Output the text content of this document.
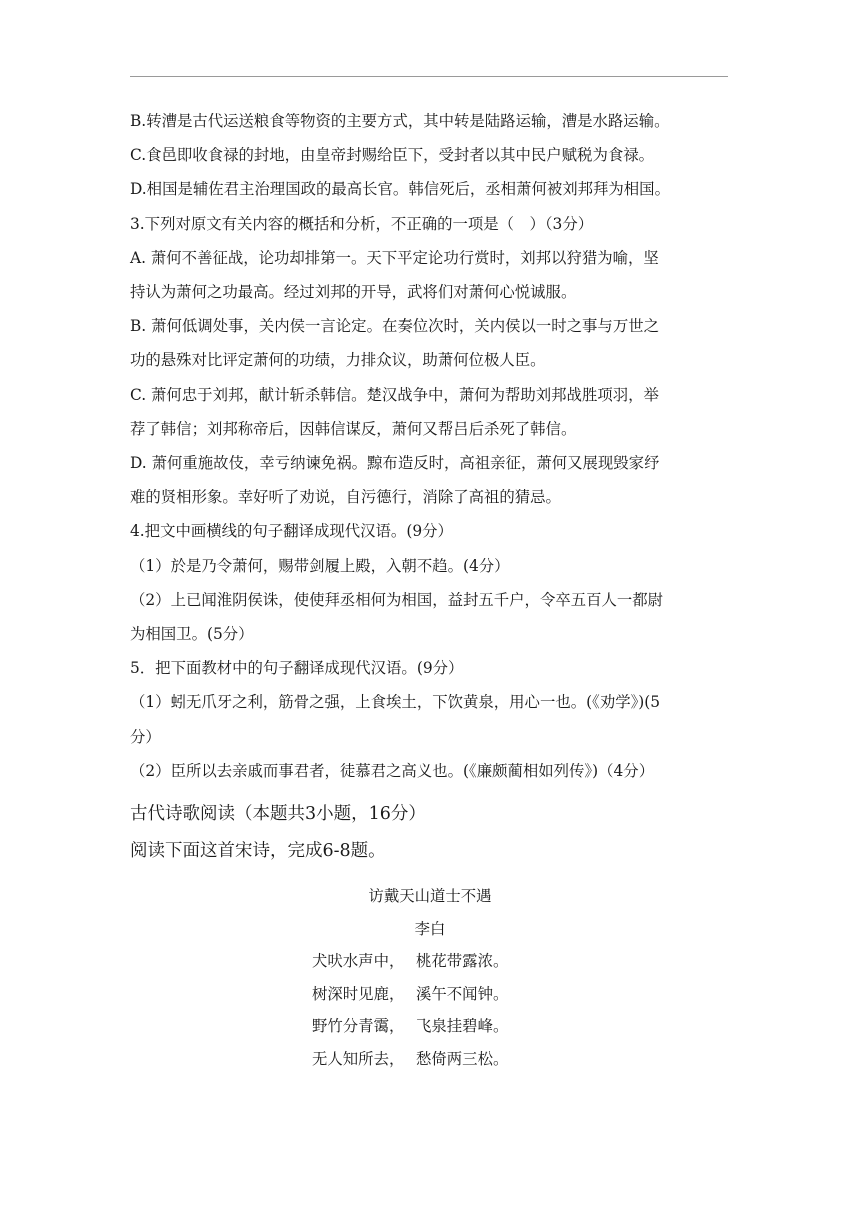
B.转漕是古代运送粮食等物资的主要方式，其中转是陆路运输，漕是水路运输。

C.食邑即收食禄的封地，由皇帝封赐给臣下，受封者以其中民户赋税为食禄。

D.相国是辅佐君主治理国政的最高长官。韩信死后，丞相萧何被刘邦拜为相国。

3.下列对原文有关内容的概括和分析，不正确的一项是（　）（3分）

A. 萧何不善征战，论功却排第一。天下平定论功行赏时，刘邦以狩猎为喻，坚

持认为萧何之功最高。经过刘邦的开导，武将们对萧何心悦诚服。

B. 萧何低调处事，关内侯一言论定。在奏位次时，关内侯以一时之事与万世之

功的悬殊对比评定萧何的功绩，力排众议，助萧何位极人臣。

C. 萧何忠于刘邦，献计斩杀韩信。楚汉战争中，萧何为帮助刘邦战胜项羽，举

荐了韩信；刘邦称帝后，因韩信谋反，萧何又帮吕后杀死了韩信。

D. 萧何重施故伎，幸亏纳谏免祸。黥布造反时，高祖亲征，萧何又展现毁家纾

难的贤相形象。幸好听了劝说，自污德行，消除了高祖的猜忌。

4.把文中画横线的句子翻译成现代汉语。(9分）

（1）於是乃令萧何，赐带剑履上殿，入朝不趋。(4分）

（2）上已闻淮阴侯诛，使使拜丞相何为相国，益封五千户，令卒五百人一都尉

为相国卫。(5分）

5．把下面教材中的句子翻译成现代汉语。(9分）

（1）蚓无爪牙之利，筋骨之强，上食埃土，下饮黄泉，用心一也。(《劝学》)(5

分）

（2）臣所以去亲戚而事君者，徒慕君之高义也。(《廉颇蔺相如列传》)（4分）

古代诗歌阅读（本题共3小题，16分）

阅读下面这首宋诗，完成6-8题。

访戴天山道士不遇

李白

犬吠水声中， 桃花带露浓。

树深时见鹿， 溪午不闻钟。

野竹分青霭， 飞泉挂碧峰。

无人知所去， 愁倚两三松。
